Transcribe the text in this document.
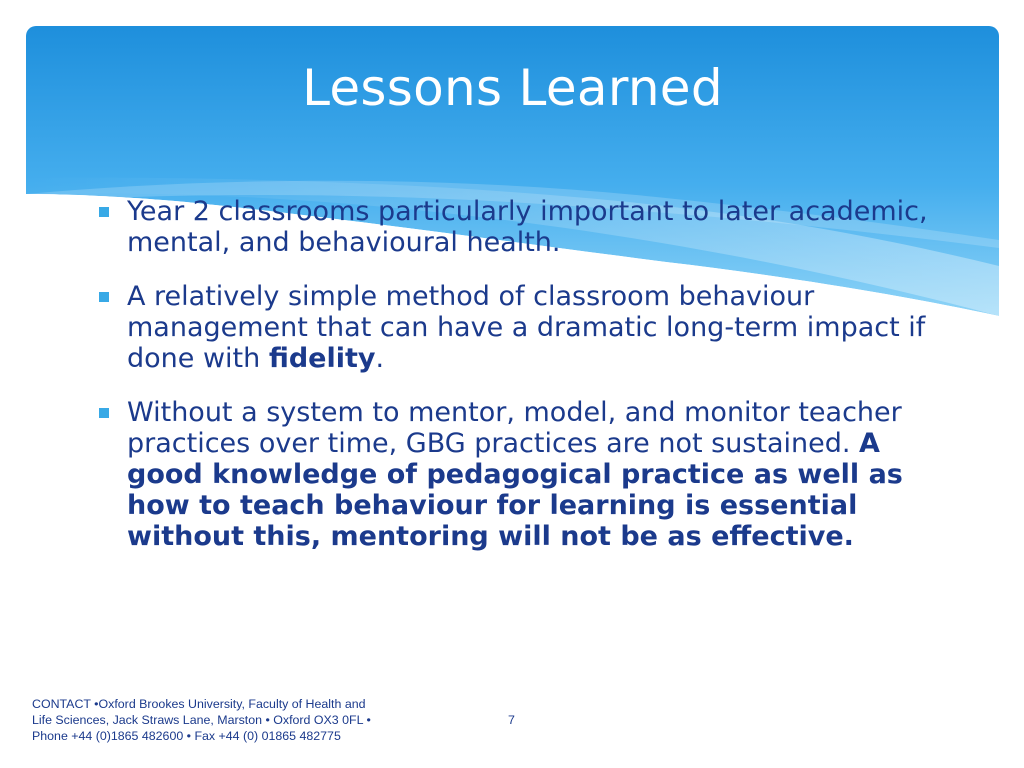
Lessons Learned
Year 2 classrooms particularly important to later academic, mental, and behavioural health.
A relatively simple method of classroom behaviour management that can have a dramatic long-term impact if done with fidelity.
Without a system to mentor, model, and monitor teacher practices over time, GBG practices are not sustained. A good knowledge of pedagogical practice as well as how to teach behaviour for learning is essential without this, mentoring will not be as effective.
CONTACT •Oxford Brookes University, Faculty of Health and
Life Sciences, Jack Straws Lane, Marston • Oxford OX3 0FL •
Phone +44 (0)1865 482600 • Fax +44 (0) 01865 482775
7
